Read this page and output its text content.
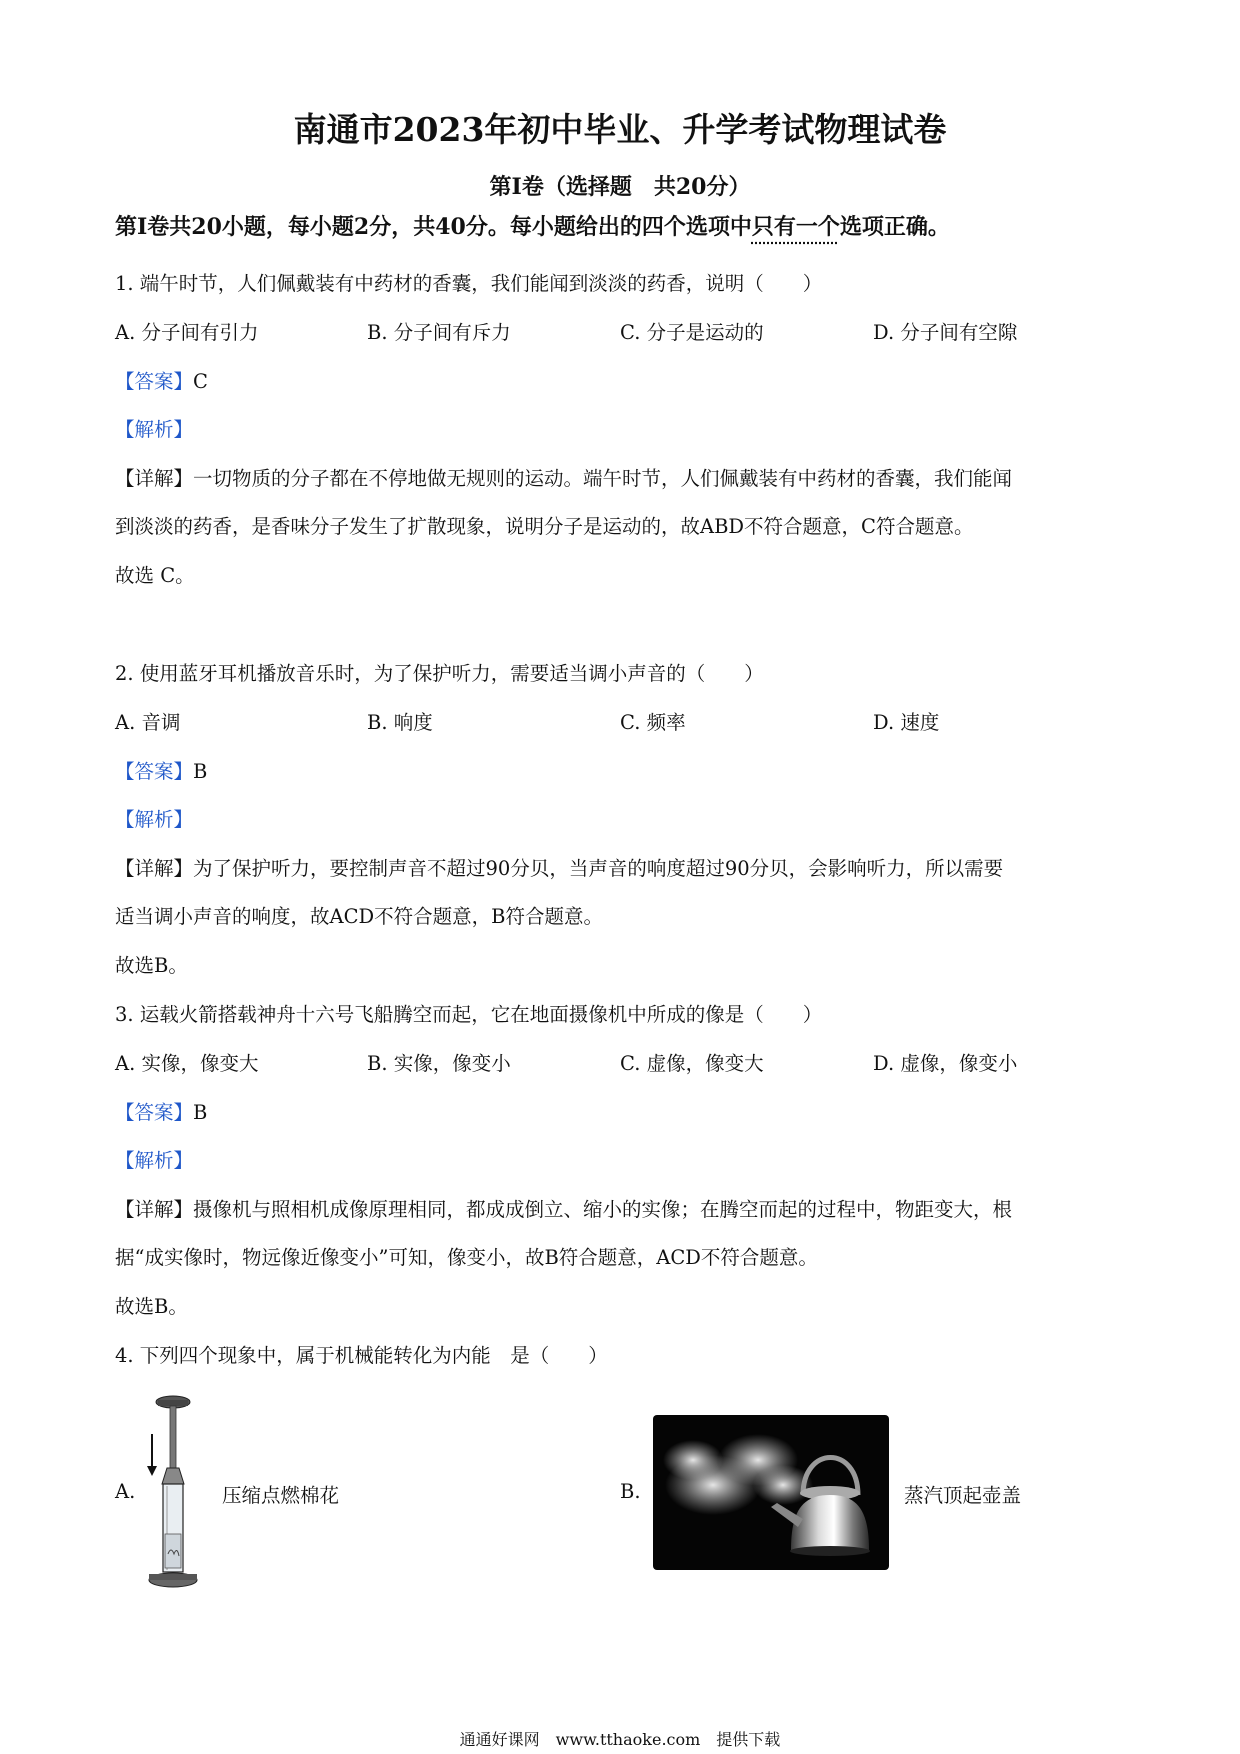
南通市2023年初中毕业、升学考试物理试卷
第Ⅰ卷（选择题　共20分）
第Ⅰ卷共20小题，每小题2分，共40分。每小题给出的四个选项中只有一个选项正确。
1. 端午时节，人们佩戴装有中药材的香囊，我们能闻到淡淡的药香，说明（　　）
A. 分子间有引力	B. 分子间有斥力	C. 分子是运动的	D. 分子间有空隙
【答案】C
【解析】
【详解】一切物质的分子都在不停地做无规则的运动。端午时节，人们佩戴装有中药材的香囊，我们能闻
到淡淡的药香，是香味分子发生了扩散现象，说明分子是运动的，故ABD不符合题意，C符合题意。
故选 C。
2. 使用蓝牙耳机播放音乐时，为了保护听力，需要适当调小声音的（　　）
A. 音调	B. 响度	C. 频率	D. 速度
【答案】B
【解析】
【详解】为了保护听力，要控制声音不超过90分贝，当声音的响度超过90分贝，会影响听力，所以需要
适当调小声音的响度，故ACD不符合题意，B符合题意。
故选B。
3. 运载火箭搭载神舟十六号飞船腾空而起，它在地面摄像机中所成的像是（　　）
A. 实像，像变大	B. 实像，像变小	C. 虚像，像变大	D. 虚像，像变小
【答案】B
【解析】
【详解】摄像机与照相机成像原理相同，都成成倒立、缩小的实像；在腾空而起的过程中，物距变大，根
据“成实像时，物远像近像变小”可知，像变小，故B符合题意，ACD不符合题意。
故选B。
4. 下列四个现象中，属于机械能转化为内能　是（　　）
A.	压缩点燃棉花	B.	蒸汽顶起壶盖
通通好课网　www.tthaoke.com　提供下载
